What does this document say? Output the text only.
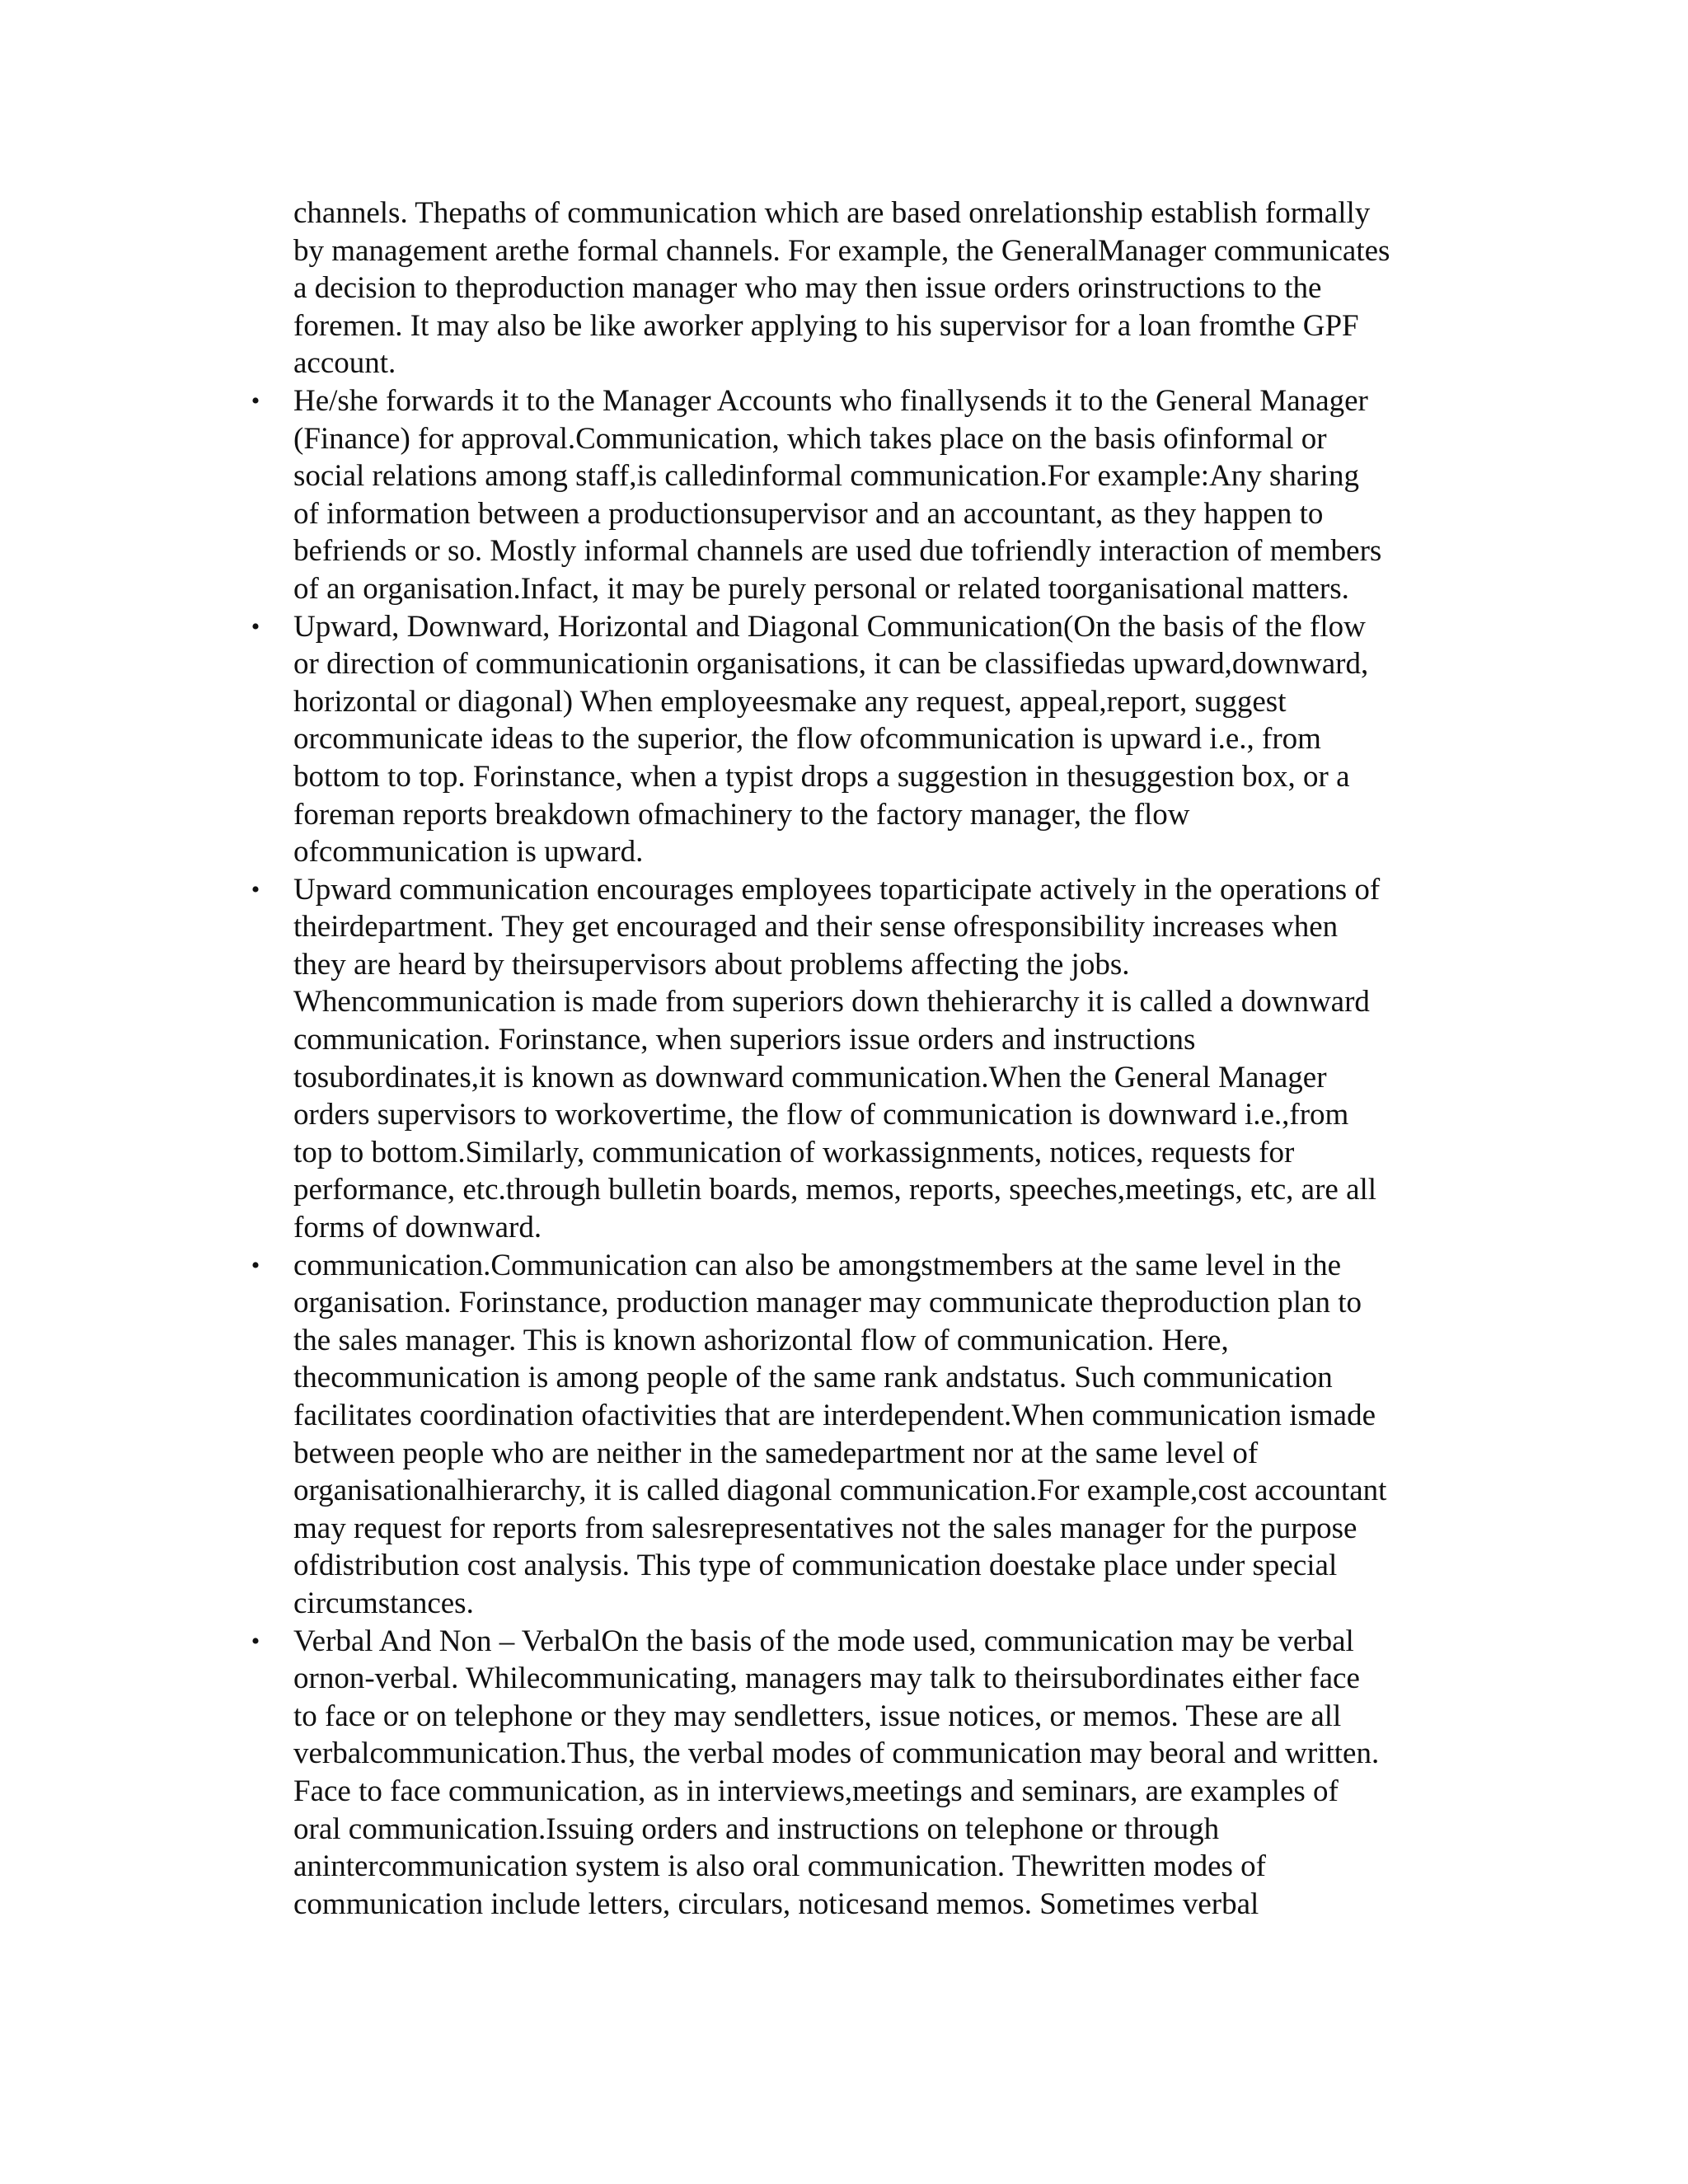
channels. Thepaths of communication which are based onrelationship establish formally
by management arethe formal channels. For example, the GeneralManager communicates
a decision to theproduction manager who may then issue orders orinstructions to the
foremen. It may also be like aworker applying to his supervisor for a loan fromthe GPF
account.

• He/she forwards it to the Manager Accounts who finallysends it to the General Manager
(Finance) for approval.Communication, which takes place on the basis ofinformal or
social relations among staff,is calledinformal communication.For example:Any sharing
of information between a productionsupervisor and an accountant, as they happen to
befriends or so. Mostly informal channels are used due tofriendly interaction of members
of an organisation.Infact, it may be purely personal or related toorganisational matters.
• Upward, Downward, Horizontal and Diagonal Communication(On the basis of the flow
or direction of communicationin organisations, it can be classifiedas upward,downward,
horizontal or diagonal) When employeesmake any request, appeal,report, suggest
orcommunicate ideas to the superior, the flow ofcommunication is upward i.e., from
bottom to top. Forinstance, when a typist drops a suggestion in thesuggestion box, or a
foreman reports breakdown ofmachinery to the factory manager, the flow
ofcommunication is upward.
• Upward communication encourages employees toparticipate actively in the operations of
theirdepartment. They get encouraged and their sense ofresponsibility increases when
they are heard by theirsupervisors about problems affecting the jobs.
Whencommunication is made from superiors down thehierarchy it is called a downward
communication. Forinstance, when superiors issue orders and instructions
tosubordinates,it is known as downward communication.When the General Manager
orders supervisors to workovertime, the flow of communication is downward i.e.,from
top to bottom.Similarly, communication of workassignments, notices, requests for
performance, etc.through bulletin boards, memos, reports, speeches,meetings, etc, are all
forms of downward.
• communication.Communication can also be amongstmembers at the same level in the
organisation. Forinstance, production manager may communicate theproduction plan to
the sales manager. This is known ashorizontal flow of communication. Here,
thecommunication is among people of the same rank andstatus. Such communication
facilitates coordination ofactivities that are interdependent.When communication ismade
between people who are neither in the samedepartment nor at the same level of
organisationalhierarchy, it is called diagonal communication.For example,cost accountant
may request for reports from salesrepresentatives not the sales manager for the purpose
ofdistribution cost analysis. This type of communication doestake place under special
circumstances.
• Verbal And Non – VerbalOn the basis of the mode used, communication may be verbal
ornon-verbal. Whilecommunicating, managers may talk to theirsubordinates either face
to face or on telephone or they may sendletters, issue notices, or memos. These are all
verbalcommunication.Thus, the verbal modes of communication may beoral and written.
Face to face communication, as in interviews,meetings and seminars, are examples of
oral communication.Issuing orders and instructions on telephone or through
anintercommunication system is also oral communication. Thewritten modes of
communication include letters, circulars, noticesand memos. Sometimes verbal
